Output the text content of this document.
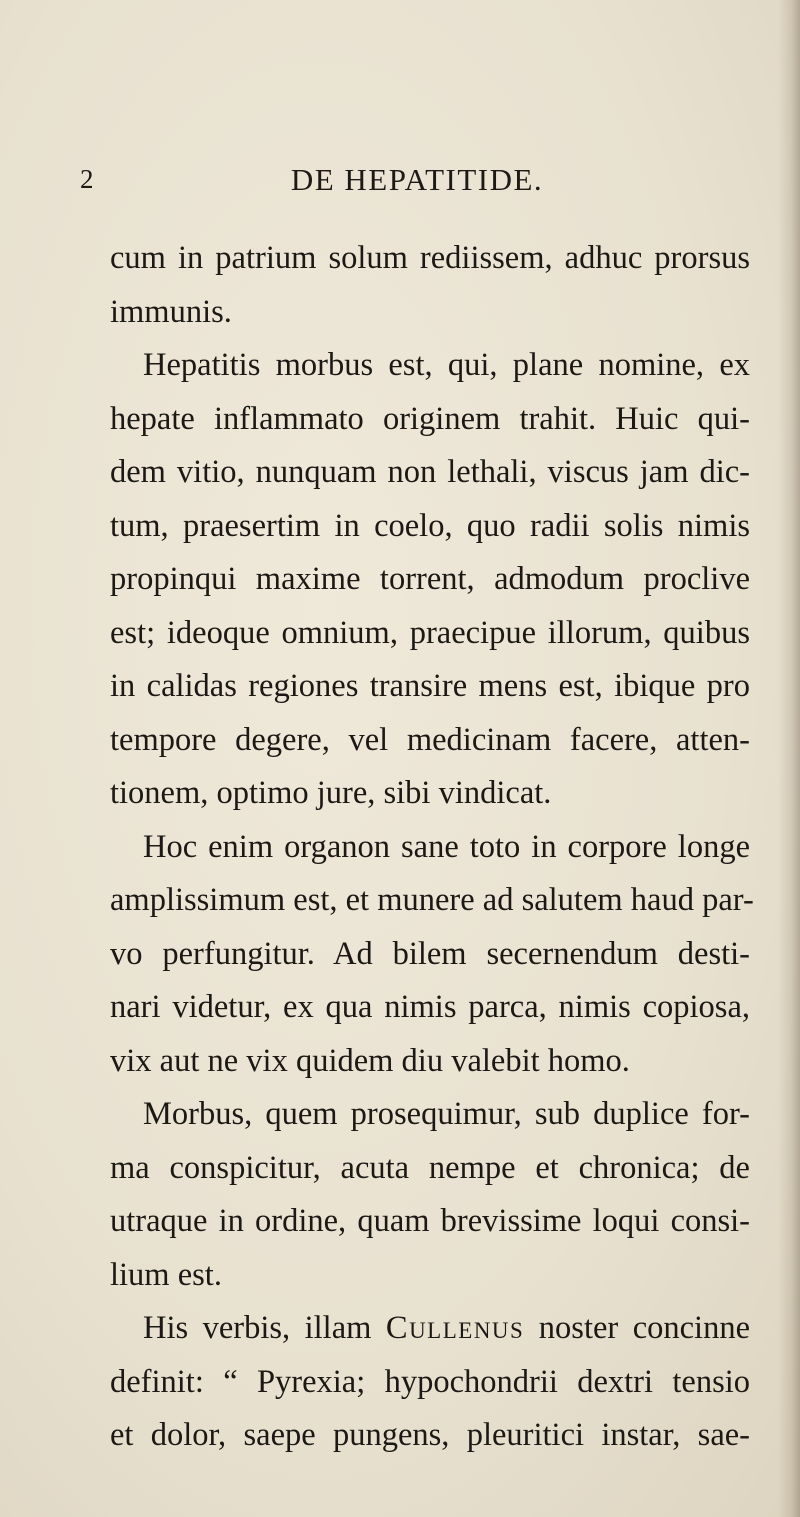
2	DE HEPATITIDE.
cum in patrium solum rediissem, adhuc prorsus
immunis.
Hepatitis morbus est, qui, plane nomine, ex
hepate inflammato originem trahit. Huic qui-
dem vitio, nunquam non lethali, viscus jam dic-
tum, praesertim in coelo, quo radii solis nimis
propinqui maxime torrent, admodum proclive
est; ideoque omnium, praecipue illorum, quibus
in calidas regiones transire mens est, ibique pro
tempore degere, vel medicinam facere, atten-
tionem, optimo jure, sibi vindicat.
Hoc enim organon sane toto in corpore longe
amplissimum est, et munere ad salutem haud par-
vo perfungitur. Ad bilem secernendum desti-
nari videtur, ex qua nimis parca, nimis copiosa,
vix aut ne vix quidem diu valebit homo.
Morbus, quem prosequimur, sub duplice for-
ma conspicitur, acuta nempe et chronica; de
utraque in ordine, quam brevissime loqui consi-
lium est.
His verbis, illam Cullenus noster concinne
definit: “ Pyrexia; hypochondrii dextri tensio
et dolor, saepe pungens, pleuritici instar, sae-
